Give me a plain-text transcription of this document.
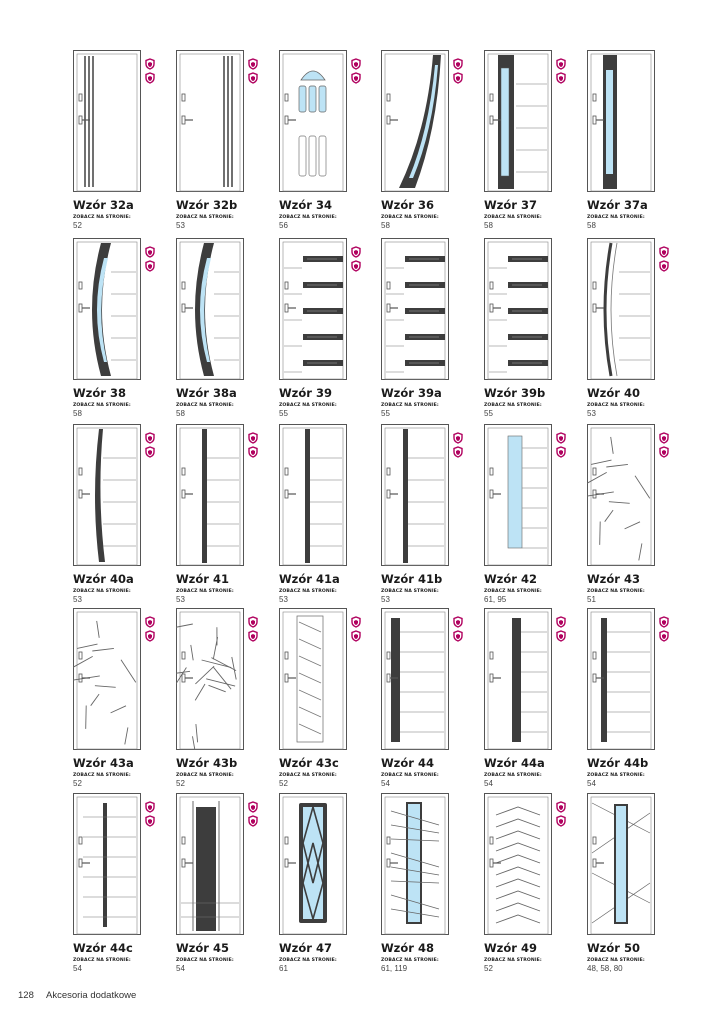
Wzór 32a
ZOBACZ NA STRONIE:
52
Wzór 32b
ZOBACZ NA STRONIE:
53
Wzór 34
ZOBACZ NA STRONIE:
56
Wzór 36
ZOBACZ NA STRONIE:
58
Wzór 37
ZOBACZ NA STRONIE:
58
Wzór 37a
ZOBACZ NA STRONIE:
58
Wzór 38
ZOBACZ NA STRONIE:
58
Wzór 38a
ZOBACZ NA STRONIE:
58
Wzór 39
ZOBACZ NA STRONIE:
55
Wzór 39a
ZOBACZ NA STRONIE:
55
Wzór 39b
ZOBACZ NA STRONIE:
55
Wzór 40
ZOBACZ NA STRONIE:
53
Wzór 40a
ZOBACZ NA STRONIE:
53
Wzór 41
ZOBACZ NA STRONIE:
53
Wzór 41a
ZOBACZ NA STRONIE:
53
Wzór 41b
ZOBACZ NA STRONIE:
53
Wzór 42
ZOBACZ NA STRONIE:
61, 95
Wzór 43
ZOBACZ NA STRONIE:
51
Wzór 43a
ZOBACZ NA STRONIE:
52
Wzór 43b
ZOBACZ NA STRONIE:
52
Wzór 43c
ZOBACZ NA STRONIE:
52
Wzór 44
ZOBACZ NA STRONIE:
54
Wzór 44a
ZOBACZ NA STRONIE:
54
Wzór 44b
ZOBACZ NA STRONIE:
54
Wzór 44c
ZOBACZ NA STRONIE:
54
Wzór 45
ZOBACZ NA STRONIE:
54
Wzór 47
ZOBACZ NA STRONIE:
61
Wzór 48
ZOBACZ NA STRONIE:
61, 119
Wzór 49
ZOBACZ NA STRONIE:
52
Wzór 50
ZOBACZ NA STRONIE:
48, 58, 80
128 Akcesoria dodatkowe
